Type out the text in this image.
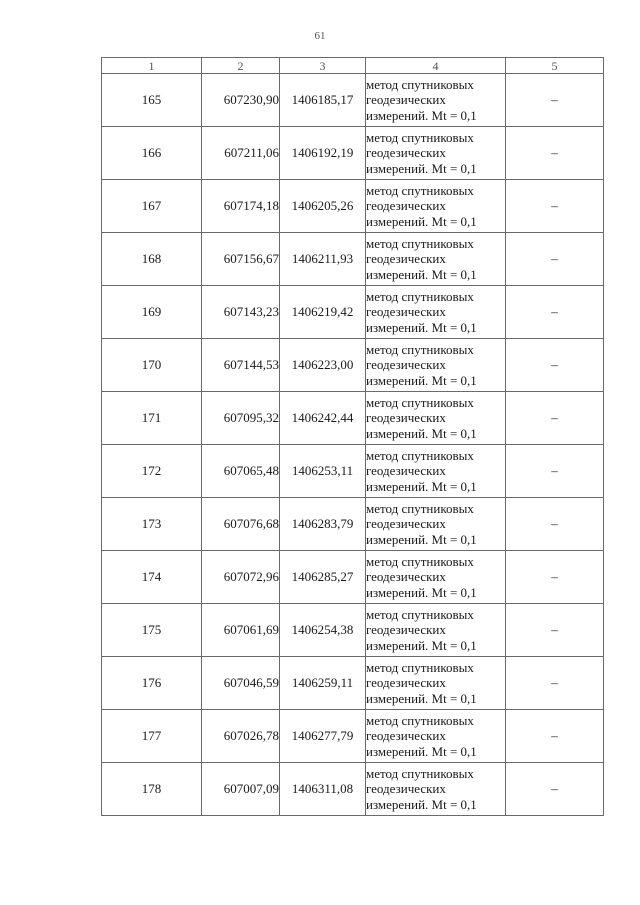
61
1	2	3	4	5
165	607230,90	1406185,17	метод спутниковых
геодезических
измерений. Mt = 0,1	–
166	607211,06	1406192,19	метод спутниковых
геодезических
измерений. Mt = 0,1	–
167	607174,18	1406205,26	метод спутниковых
геодезических
измерений. Mt = 0,1	–
168	607156,67	1406211,93	метод спутниковых
геодезических
измерений. Mt = 0,1	–
169	607143,23	1406219,42	метод спутниковых
геодезических
измерений. Mt = 0,1	–
170	607144,53	1406223,00	метод спутниковых
геодезических
измерений. Mt = 0,1	–
171	607095,32	1406242,44	метод спутниковых
геодезических
измерений. Mt = 0,1	–
172	607065,48	1406253,11	метод спутниковых
геодезических
измерений. Mt = 0,1	–
173	607076,68	1406283,79	метод спутниковых
геодезических
измерений. Mt = 0,1	–
174	607072,96	1406285,27	метод спутниковых
геодезических
измерений. Mt = 0,1	–
175	607061,69	1406254,38	метод спутниковых
геодезических
измерений. Mt = 0,1	–
176	607046,59	1406259,11	метод спутниковых
геодезических
измерений. Mt = 0,1	–
177	607026,78	1406277,79	метод спутниковых
геодезических
измерений. Mt = 0,1	–
178	607007,09	1406311,08	метод спутниковых
геодезических
измерений. Mt = 0,1	–
